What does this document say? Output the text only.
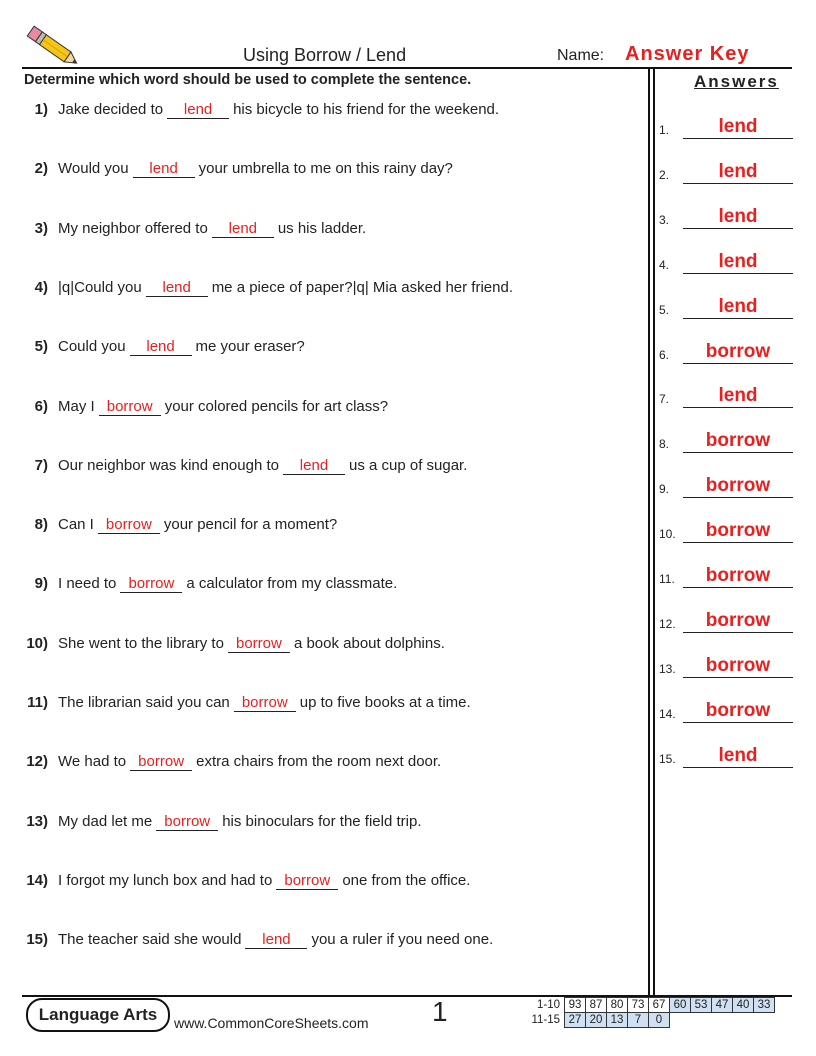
Using Borrow / Lend	Name: Answer Key
Determine which word should be used to complete the sentence.	Answers
1) Jake decided to	lend	his bicycle to his friend for the weekend.
2) Would you	lend	your umbrella to me on this rainy day?
3) My neighbor offered to	lend	us his ladder.
4) |q|Could you	lend	me a piece of paper?|q| Mia asked her friend.
5) Could you	lend	me your eraser?
6) May I borrow your colored pencils for art class?
7) Our neighbor was kind enough to	lend	us a cup of sugar.
8) Can I borrow your pencil for a moment?
9) I need to borrow a calculator from my classmate.
10) She went to the library to borrow a book about dolphins.
11) The librarian said you can borrow up to five books at a time.
12) We had to borrow extra chairs from the room next door.
13) My dad let me borrow his binoculars for the field trip.
14) I forgot my lunch box and had to borrow one from the office.
15) The teacher said she would	lend	you a ruler if you need one.
1.	lend
2.	lend
3.	lend
4.	lend
5.	lend
6.	borrow
7.	lend
8.	borrow
9.	borrow
10.	borrow
11.	borrow
12.	borrow
13.	borrow
14.	borrow
15.	lend
Language Arts	www.CommonCoreSheets.com 1	1-10	93	87	80	73	67	60	53	47	40	33
11-15	27	20	13	7	0					
